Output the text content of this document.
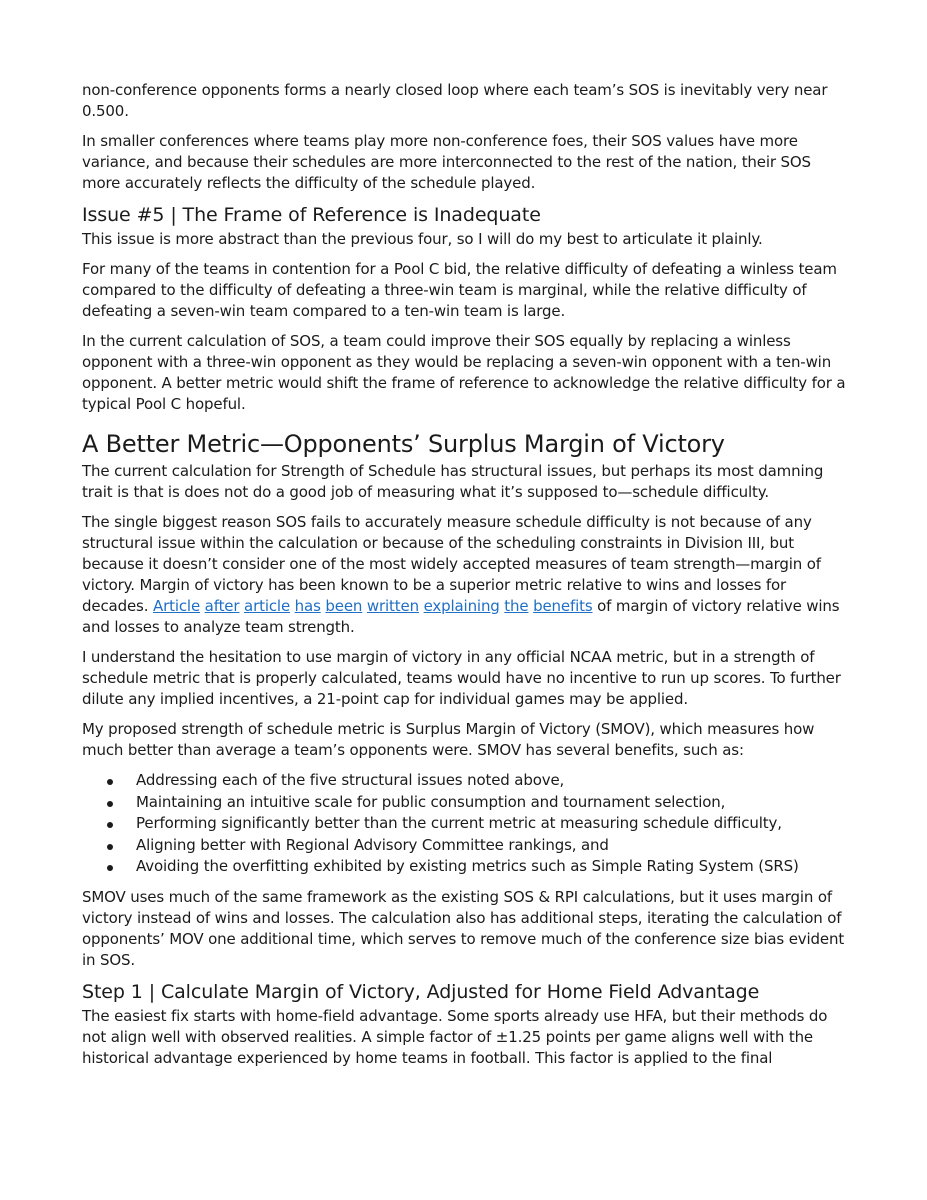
non-conference opponents forms a nearly closed loop where each team’s SOS is inevitably very near 0.500.

In smaller conferences where teams play more non-conference foes, their SOS values have more variance, and because their schedules are more interconnected to the rest of the nation, their SOS more accurately reflects the difficulty of the schedule played.

Issue #5 | The Frame of Reference is Inadequate

This issue is more abstract than the previous four, so I will do my best to articulate it plainly.

For many of the teams in contention for a Pool C bid, the relative difficulty of defeating a winless team compared to the difficulty of defeating a three-win team is marginal, while the relative difficulty of defeating a seven-win team compared to a ten-win team is large.

In the current calculation of SOS, a team could improve their SOS equally by replacing a winless opponent with a three-win opponent as they would be replacing a seven-win opponent with a ten-win opponent. A better metric would shift the frame of reference to acknowledge the relative difficulty for a typical Pool C hopeful.

A Better Metric—Opponents’ Surplus Margin of Victory

The current calculation for Strength of Schedule has structural issues, but perhaps its most damning trait is that is does not do a good job of measuring what it’s supposed to—schedule difficulty.

The single biggest reason SOS fails to accurately measure schedule difficulty is not because of any structural issue within the calculation or because of the scheduling constraints in Division III, but because it doesn’t consider one of the most widely accepted measures of team strength—margin of victory. Margin of victory has been known to be a superior metric relative to wins and losses for decades. Article after article has been written explaining the benefits of margin of victory relative wins and losses to analyze team strength.

I understand the hesitation to use margin of victory in any official NCAA metric, but in a strength of schedule metric that is properly calculated, teams would have no incentive to run up scores. To further dilute any implied incentives, a 21-point cap for individual games may be applied.

My proposed strength of schedule metric is Surplus Margin of Victory (SMOV), which measures how much better than average a team’s opponents were. SMOV has several benefits, such as:

Addressing each of the five structural issues noted above,
Maintaining an intuitive scale for public consumption and tournament selection,
Performing significantly better than the current metric at measuring schedule difficulty,
Aligning better with Regional Advisory Committee rankings, and
Avoiding the overfitting exhibited by existing metrics such as Simple Rating System (SRS)

SMOV uses much of the same framework as the existing SOS & RPI calculations, but it uses margin of victory instead of wins and losses. The calculation also has additional steps, iterating the calculation of opponents’ MOV one additional time, which serves to remove much of the conference size bias evident in SOS.

Step 1 | Calculate Margin of Victory, Adjusted for Home Field Advantage

The easiest fix starts with home-field advantage. Some sports already use HFA, but their methods do not align well with observed realities. A simple factor of ±1.25 points per game aligns well with the historical advantage experienced by home teams in football. This factor is applied to the final
